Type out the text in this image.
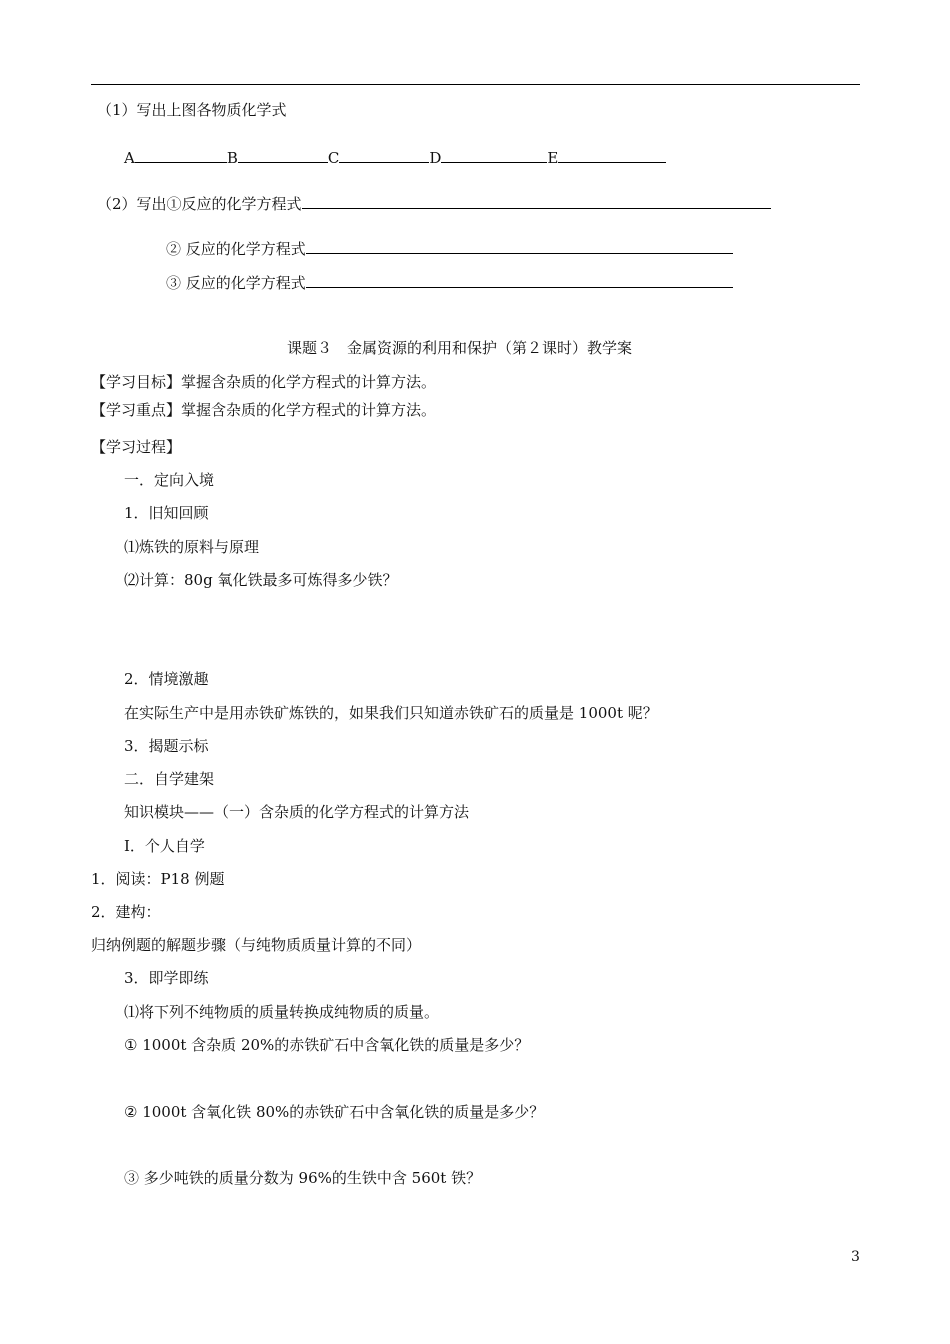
（1）写出上图各物质化学式
A	B	C	D	E
（2）写出①反应的化学方程式
② 反应的化学方程式
③ 反应的化学方程式
课题３　金属资源的利用和保护（第２课时）教学案
【学习目标】掌握含杂质的化学方程式的计算方法。
【学习重点】掌握含杂质的化学方程式的计算方法。
【学习过程】
一．定向入境
1．旧知回顾
⑴炼铁的原料与原理
⑵计算：80g 氧化铁最多可炼得多少铁？
2．情境激趣
在实际生产中是用赤铁矿炼铁的，如果我们只知道赤铁矿石的质量是 1000t 呢？
3．揭题示标
二．自学建架
知识模块——（一）含杂质的化学方程式的计算方法
Ⅰ．个人自学
1．阅读：P18 例题
2．建构：
归纳例题的解题步骤（与纯物质质量计算的不同）
3．即学即练
⑴将下列不纯物质的质量转换成纯物质的质量。
① 1000t 含杂质 20%的赤铁矿石中含氧化铁的质量是多少？
② 1000t 含氧化铁 80%的赤铁矿石中含氧化铁的质量是多少？
③ 多少吨铁的质量分数为 96%的生铁中含 560t 铁？
3
